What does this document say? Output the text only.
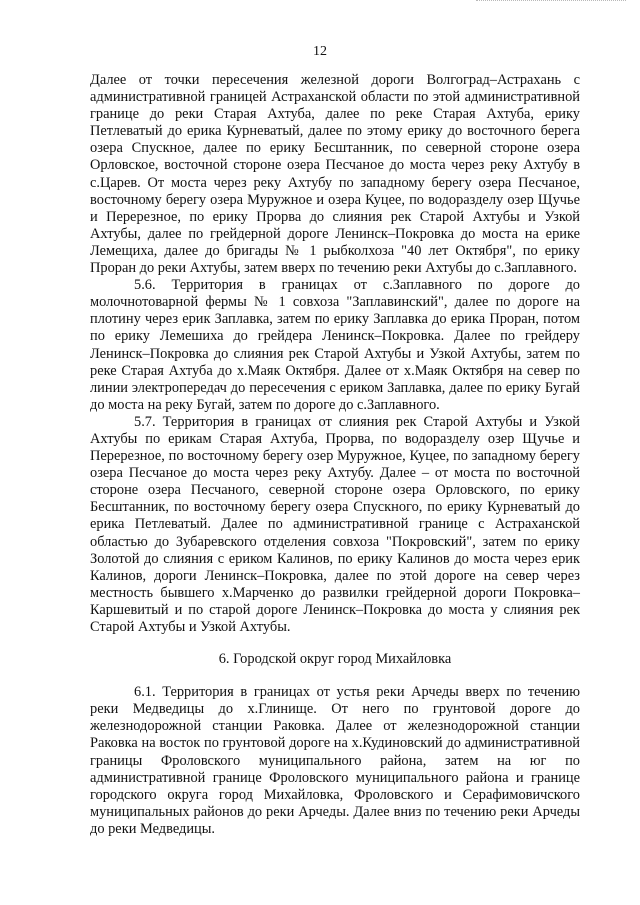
12

Далее от точки пересечения железной дороги Волгоград–Астрахань с административной границей Астраханской области по этой административной границе до реки Старая Ахтуба, далее по реке Старая Ахтуба, ерику Петлеватый до ерика Курневатый, далее по этому ерику до восточного берега озера Спускное, далее по ерику Бесштанник, по северной стороне озера Орловское, восточной стороне озера Песчаное до моста через реку Ахтубу в с.Царев. От моста через реку Ахтубу по западному берегу озера Песчаное, восточному берегу озера Муружное и озера Куцее, по водоразделу озер Щучье и Перерезное, по ерику Прорва до слияния рек Старой Ахтубы и Узкой Ахтубы, далее по грейдерной дороге Ленинск–Покровка до моста на ерике Лемещиха, далее до бригады № 1 рыбколхоза "40 лет Октября", по ерику Проран до реки Ахтубы, затем вверх по течению реки Ахтубы до с.Заплавного.

5.6. Территория в границах от с.Заплавного по дороге до молочнотоварной фермы № 1 совхоза "Заплавинский", далее по дороге на плотину через ерик Заплавка, затем по ерику Заплавка до ерика Проран, потом по ерику Лемешиха до грейдера Ленинск–Покровка. Далее по грейдеру Ленинск–Покровка до слияния рек Старой Ахтубы и Узкой Ахтубы, затем по реке Старая Ахтуба до х.Маяк Октября. Далее от х.Маяк Октября на север по линии электропередач до пересечения с ериком Заплавка, далее по ерику Бугай до моста на реку Бугай, затем по дороге до с.Заплавного.

5.7. Территория в границах от слияния рек Старой Ахтубы и Узкой Ахтубы по ерикам Старая Ахтуба, Прорва, по водоразделу озер Щучье и Перерезное, по восточному берегу озер Муружное, Куцее, по западному берегу озера Песчаное до моста через реку Ахтубу. Далее – от моста по восточной стороне озера Песчаного, северной стороне озера Орловского, по ерику Бесштанник, по восточному берегу озера Спускного, по ерику Курневатый до ерика Петлеватый. Далее по административной границе с Астраханской областью до Зубаревского отделения совхоза "Покровский", затем по ерику Золотой до слияния с ериком Калинов, по ерику Калинов до моста через ерик Калинов, дороги Ленинск–Покровка, далее по этой дороге на север через местность бывшего х.Марченко до развилки грейдерной дороги Покровка–Каршевитый и по старой дороге Ленинск–Покровка до моста у слияния рек Старой Ахтубы и Узкой Ахтубы.

6. Городской округ город Михайловка

6.1. Территория в границах от устья реки Арчеды вверх по течению реки Медведицы до х.Глинище. От него по грунтовой дороге до железнодорожной станции Раковка. Далее от железнодорожной станции Раковка на восток по грунтовой дороге на х.Кудиновский до административной границы Фроловского муниципального района, затем на юг по административной границе Фроловского муниципального района и границе городского округа город Михайловка, Фроловского и Серафимовичского муниципальных районов до реки Арчеды. Далее вниз по течению реки Арчеды до реки Медведицы.
